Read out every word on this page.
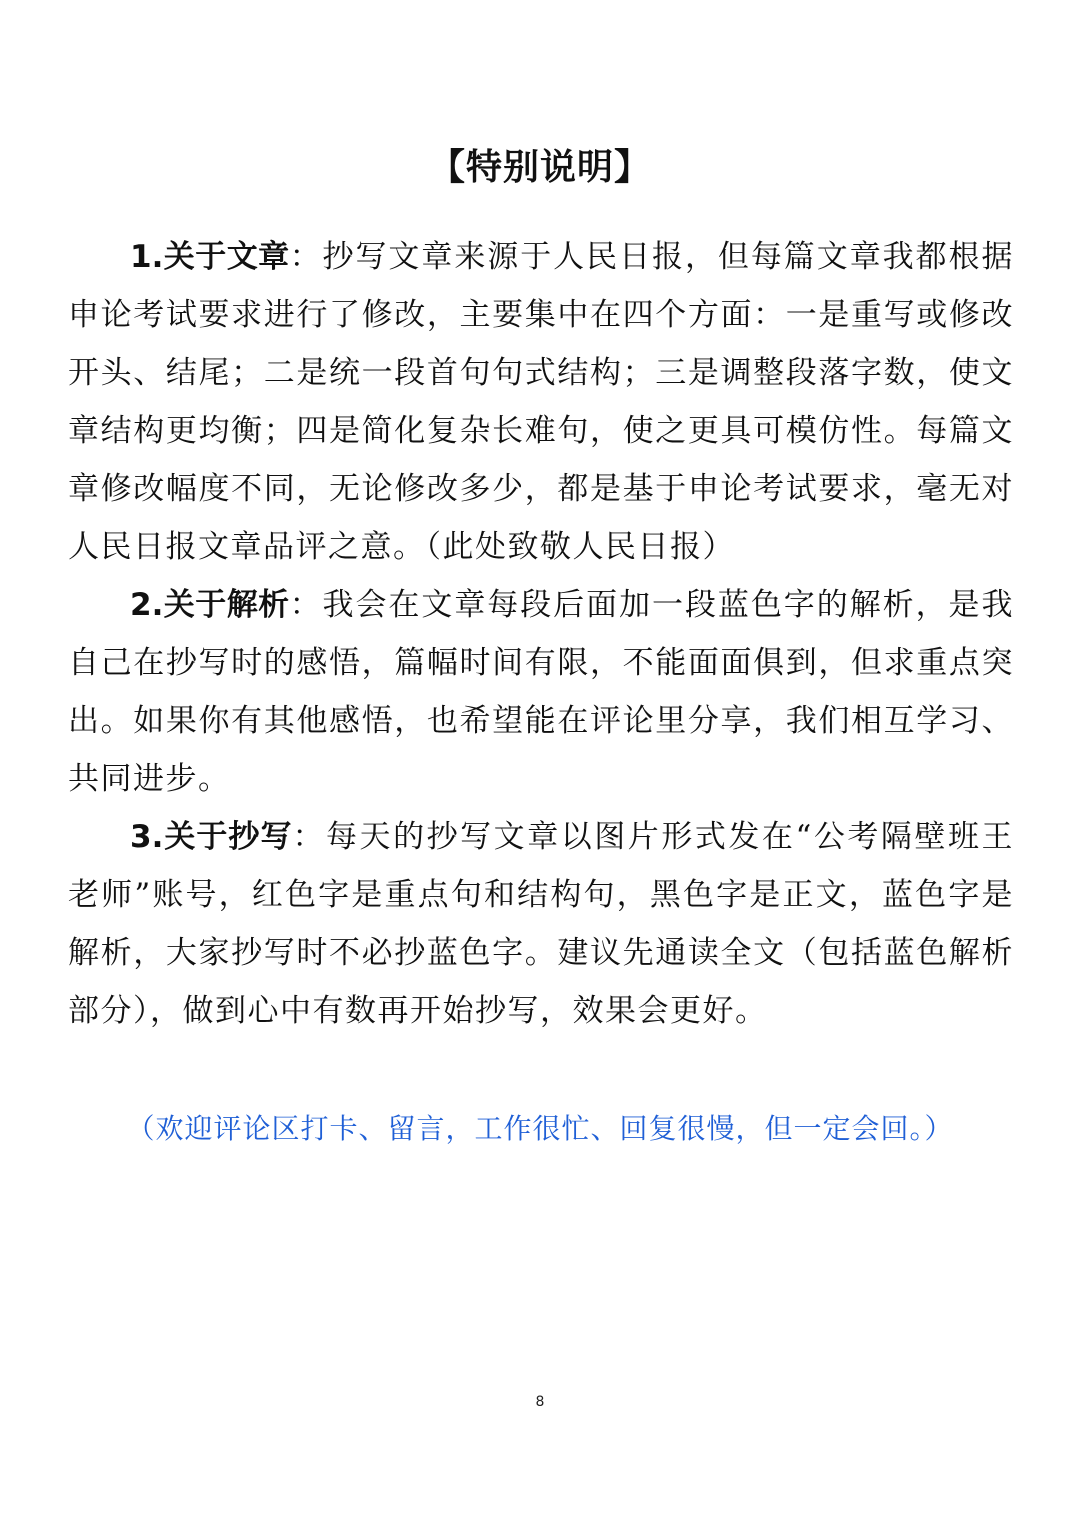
【特别说明】

1.关于文章：抄写文章来源于人民日报，但每篇文章我都根据申论考试要求进行了修改，主要集中在四个方面：一是重写或修改开头、结尾；二是统一段首句句式结构；三是调整段落字数，使文章结构更均衡；四是简化复杂长难句，使之更具可模仿性。每篇文章修改幅度不同，无论修改多少，都是基于申论考试要求，毫无对人民日报文章品评之意。（此处致敬人民日报）

2.关于解析：我会在文章每段后面加一段蓝色字的解析，是我自己在抄写时的感悟，篇幅时间有限，不能面面俱到，但求重点突出。如果你有其他感悟，也希望能在评论里分享，我们相互学习、共同进步。

3.关于抄写：每天的抄写文章以图片形式发在“公考隔壁班王老师”账号，红色字是重点句和结构句，黑色字是正文，蓝色字是解析，大家抄写时不必抄蓝色字。建议先通读全文（包括蓝色解析部分），做到心中有数再开始抄写，效果会更好。

（欢迎评论区打卡、留言，工作很忙、回复很慢，但一定会回。）
8
